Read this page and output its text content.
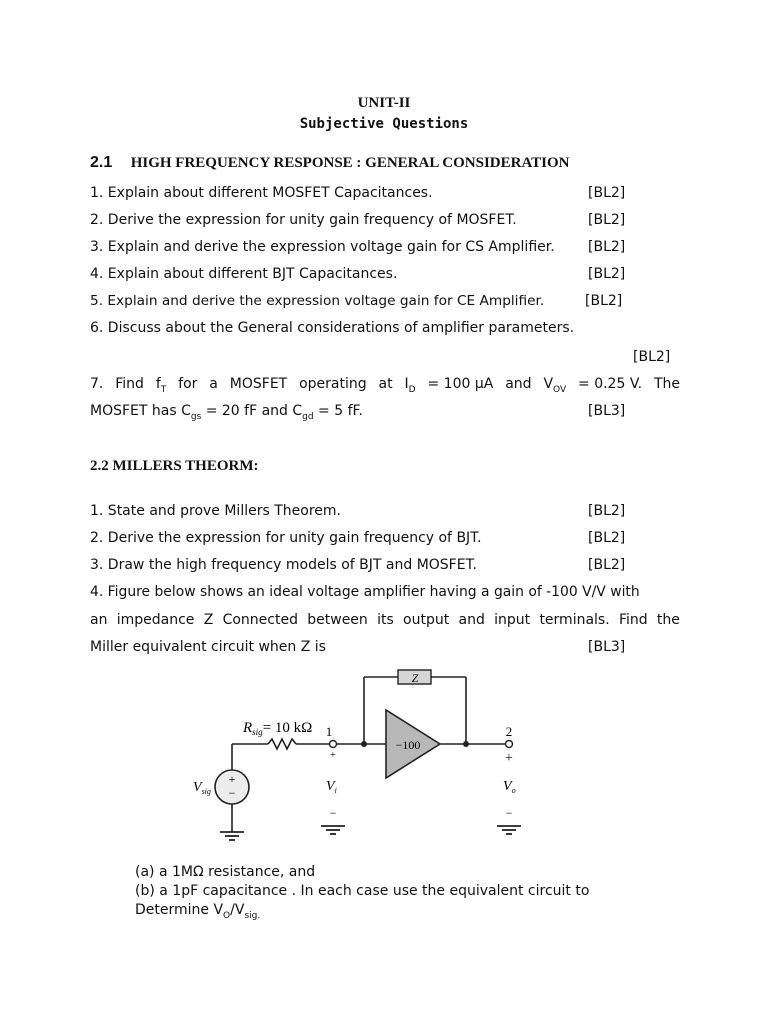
UNIT-II
Subjective Questions
2.1 HIGH FREQUENCY RESPONSE : GENERAL CONSIDERATION
1. Explain about different MOSFET Capacitances.	[BL2]
2. Derive the expression for unity gain frequency of MOSFET.	[BL2]
3. Explain and derive the expression voltage gain for CS Amplifier.	[BL2]
4. Explain about different BJT Capacitances.	[BL2]
5. Explain and derive the expression voltage gain for CE Amplifier.	[BL2]
6. Discuss about the General considerations of amplifier parameters.
[BL2]
7. Find $f_T$ for a MOSFET operating at $I_D = 100$ μA and $V_{OV} = 0.25$ V. The
MOSFET has $C_{gs} = 20$ fF and $C_{gd} = 5$ fF.	[BL3]
2.2 MILLERS THEORM:
1. State and prove Millers Theorem.	[BL2]
2. Derive the expression for unity gain frequency of BJT.	[BL2]
3. Draw the high frequency models of BJT and MOSFET.	[BL2]
4. Figure below shows an ideal voltage amplifier having a gain of -100 V/V with
an impedance Z Connected between its output and input terminals. Find the
Miller equivalent circuit when Z is	[BL3]
Z
−100
+
−
$R_{sig}= 10$ kΩ 1	2
+	+
$V_{sig}$	$V_i$	$V_o$
−	−
(a) a 1MΩ resistance, and
(b) a 1pF capacitance . In each case use the equivalent circuit to
Determine $V_O/V_{sig.}$
